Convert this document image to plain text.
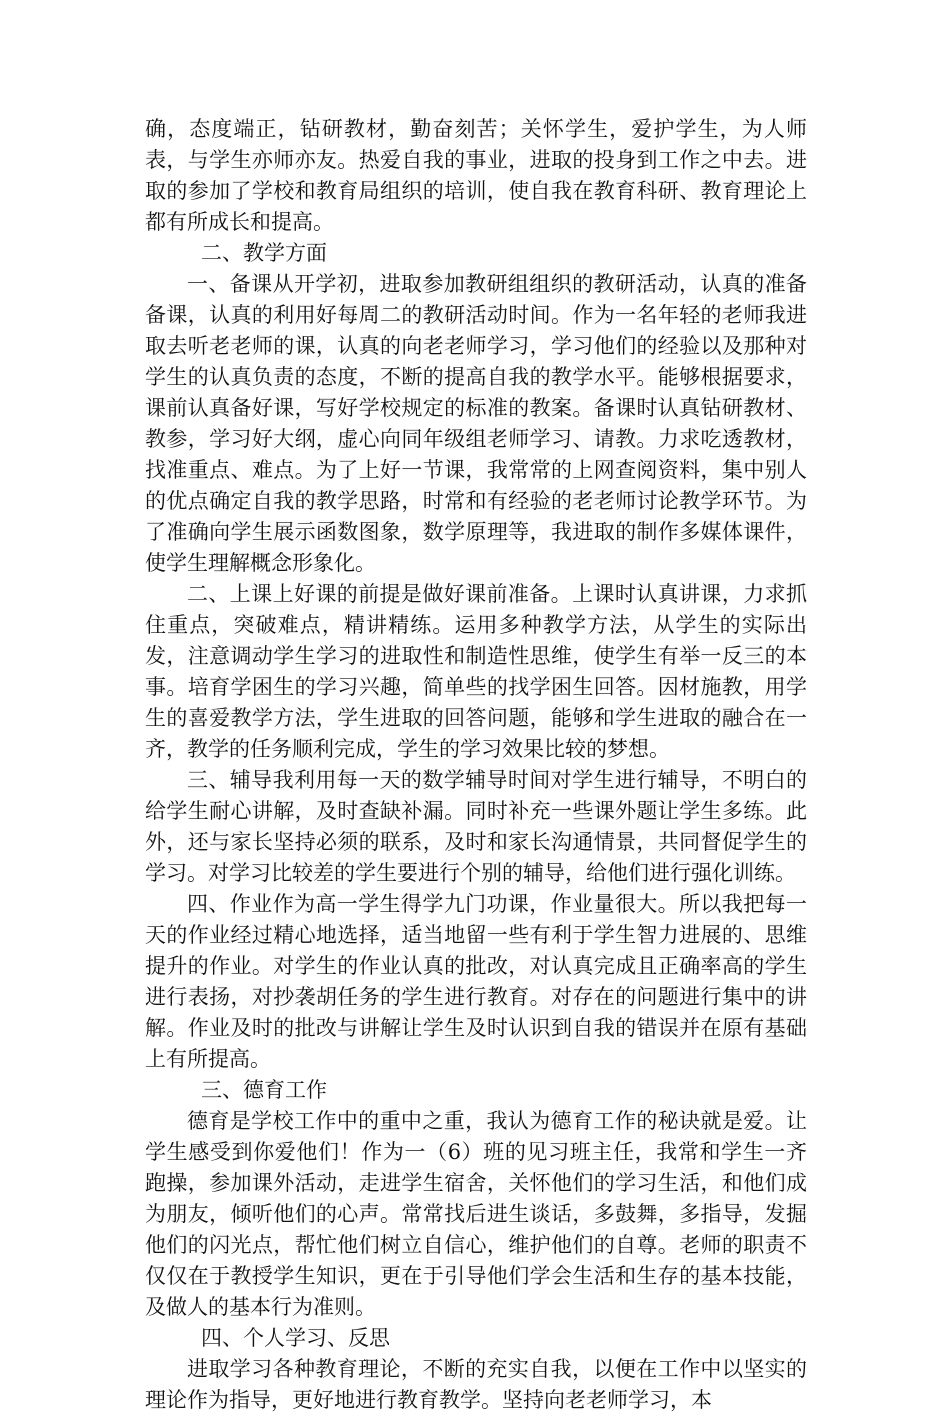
确，态度端正，钻研教材，勤奋刻苦；关怀学生，爱护学生，为人师表，与学生亦师亦友。热爱自我的事业，进取的投身到工作之中去。进取的参加了学校和教育局组织的培训，使自我在教育科研、教育理论上都有所成长和提高。

二、教学方面

一、备课从开学初，进取参加教研组组织的教研活动，认真的准备备课，认真的利用好每周二的教研活动时间。作为一名年轻的老师我进取去听老老师的课，认真的向老老师学习，学习他们的经验以及那种对学生的认真负责的态度，不断的提高自我的教学水平。能够根据要求，课前认真备好课，写好学校规定的标准的教案。备课时认真钻研教材、教参，学习好大纲，虚心向同年级组老师学习、请教。力求吃透教材，找准重点、难点。为了上好一节课，我常常的上网查阅资料，集中别人的优点确定自我的教学思路，时常和有经验的老老师讨论教学环节。为了准确向学生展示函数图象，数学原理等，我进取的制作多媒体课件，使学生理解概念形象化。

二、上课上好课的前提是做好课前准备。上课时认真讲课，力求抓住重点，突破难点，精讲精练。运用多种教学方法，从学生的实际出发，注意调动学生学习的进取性和制造性思维，使学生有举一反三的本事。培育学困生的学习兴趣，简单些的找学困生回答。因材施教，用学生的喜爱教学方法，学生进取的回答问题，能够和学生进取的融合在一齐，教学的任务顺利完成，学生的学习效果比较的梦想。

三、辅导我利用每一天的数学辅导时间对学生进行辅导，不明白的给学生耐心讲解，及时查缺补漏。同时补充一些课外题让学生多练。此外，还与家长坚持必须的联系，及时和家长沟通情景，共同督促学生的学习。对学习比较差的学生要进行个别的辅导，给他们进行强化训练。

四、作业作为高一学生得学九门功课，作业量很大。所以我把每一天的作业经过精心地选择，适当地留一些有利于学生智力进展的、思维提升的作业。对学生的作业认真的批改，对认真完成且正确率高的学生进行表扬，对抄袭胡任务的学生进行教育。对存在的问题进行集中的讲解。作业及时的批改与讲解让学生及时认识到自我的错误并在原有基础上有所提高。

三、德育工作

德育是学校工作中的重中之重，我认为德育工作的秘诀就是爱。让学生感受到你爱他们！作为一（6）班的见习班主任，我常和学生一齐跑操，参加课外活动，走进学生宿舍，关怀他们的学习生活，和他们成为朋友，倾听他们的心声。常常找后进生谈话，多鼓舞，多指导，发掘他们的闪光点，帮忙他们树立自信心，维护他们的自尊。老师的职责不仅仅在于教授学生知识，更在于引导他们学会生活和生存的基本技能，及做人的基本行为准则。

四、个人学习、反思

进取学习各种教育理论，不断的充实自我，以便在工作中以坚实的理论作为指导，更好地进行教育教学。坚持向老老师学习，本
